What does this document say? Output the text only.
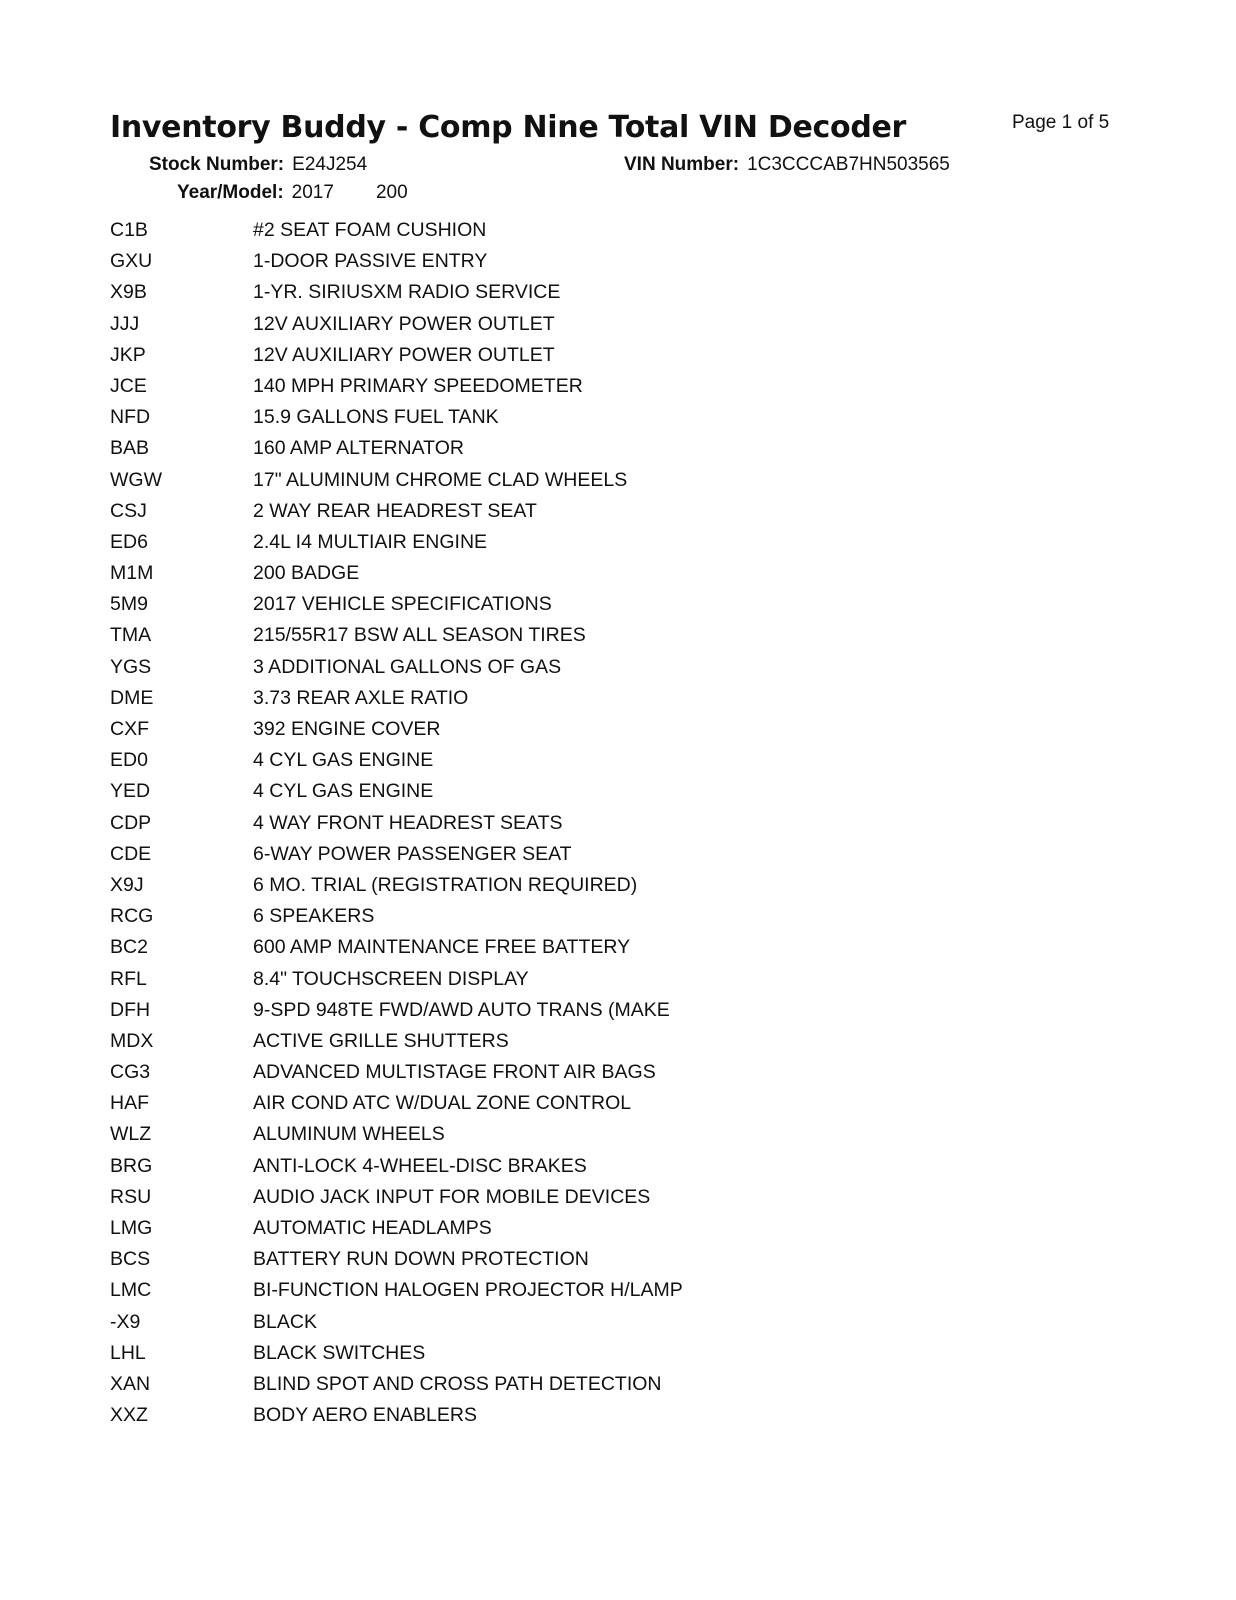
Inventory Buddy - Comp Nine Total VIN Decoder	Page 1 of 5
Stock Number: E24J254	VIN Number: 1C3CCCAB7HN503565
Year/Model: 2017 200
C1B	#2 SEAT FOAM CUSHION
GXU	1-DOOR PASSIVE ENTRY
X9B	1-YR. SIRIUSXM RADIO SERVICE
JJJ	12V AUXILIARY POWER OUTLET
JKP	12V AUXILIARY POWER OUTLET
JCE	140 MPH PRIMARY SPEEDOMETER
NFD	15.9 GALLONS FUEL TANK
BAB	160 AMP ALTERNATOR
WGW	17" ALUMINUM CHROME CLAD WHEELS
CSJ	2 WAY REAR HEADREST SEAT
ED6	2.4L I4 MULTIAIR ENGINE
M1M	200 BADGE
5M9	2017 VEHICLE SPECIFICATIONS
TMA	215/55R17 BSW ALL SEASON TIRES
YGS	3 ADDITIONAL GALLONS OF GAS
DME	3.73 REAR AXLE RATIO
CXF	392 ENGINE COVER
ED0	4 CYL GAS ENGINE
YED	4 CYL GAS ENGINE
CDP	4 WAY FRONT HEADREST SEATS
CDE	6-WAY POWER PASSENGER SEAT
X9J	6 MO. TRIAL (REGISTRATION REQUIRED)
RCG	6 SPEAKERS
BC2	600 AMP MAINTENANCE FREE BATTERY
RFL	8.4" TOUCHSCREEN DISPLAY
DFH	9-SPD 948TE FWD/AWD AUTO TRANS (MAKE
MDX	ACTIVE GRILLE SHUTTERS
CG3	ADVANCED MULTISTAGE FRONT AIR BAGS
HAF	AIR COND ATC W/DUAL ZONE CONTROL
WLZ	ALUMINUM WHEELS
BRG	ANTI-LOCK 4-WHEEL-DISC BRAKES
RSU	AUDIO JACK INPUT FOR MOBILE DEVICES
LMG	AUTOMATIC HEADLAMPS
BCS	BATTERY RUN DOWN PROTECTION
LMC	BI-FUNCTION HALOGEN PROJECTOR H/LAMP
-X9	BLACK
LHL	BLACK SWITCHES
XAN	BLIND SPOT AND CROSS PATH DETECTION
XXZ	BODY AERO ENABLERS
